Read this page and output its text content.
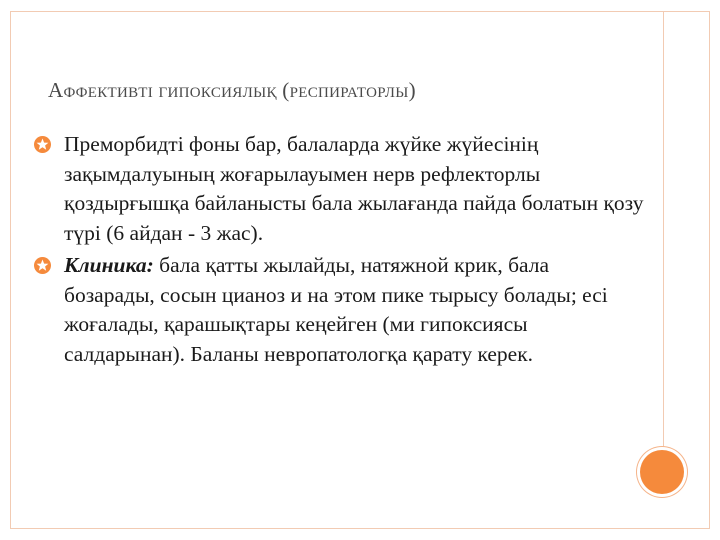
Аффективті гипоксиялық (респираторлы)
Преморбидті фоны бар, балаларда жүйке жүйесінің зақымдалуының жоғарылауымен нерв рефлекторлы қоздырғышқа байланысты бала жылағанда пайда болатын қозу түрі (6 айдан - 3 жас).
Клиника: бала қатты жылайды, натяжной крик, бала бозарады, сосын цианоз и на этом пике тырысу болады; есі жоғалады, қарашықтары кеңейген (ми гипоксиясы салдарынан). Баланы невропатологқа қарату керек.
